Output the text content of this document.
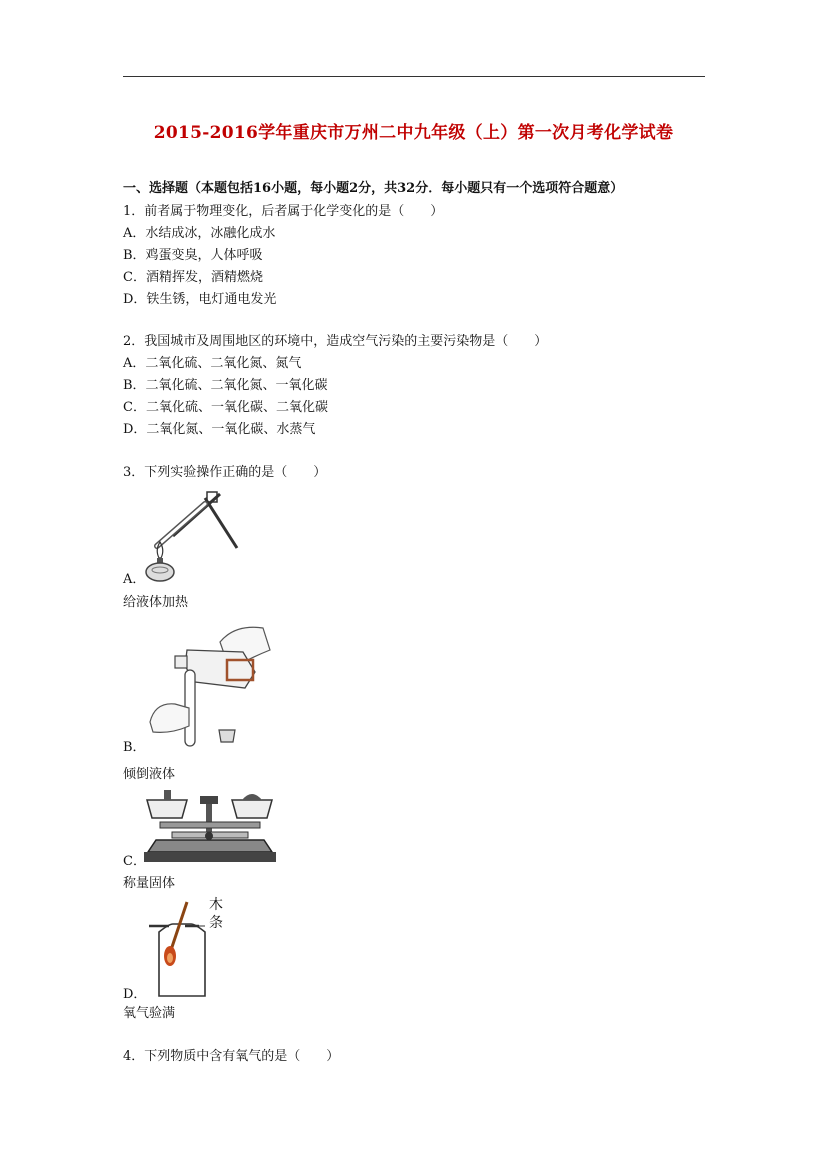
2015-2016学年重庆市万州二中九年级（上）第一次月考化学试卷
一、选择题（本题包括16小题，每小题2分，共32分．每小题只有一个选项符合题意）
1．前者属于物理变化，后者属于化学变化的是（　　）
A．水结成冰，冰融化成水
B．鸡蛋变臭，人体呼吸
C．酒精挥发，酒精燃烧
D．铁生锈，电灯通电发光
2．我国城市及周围地区的环境中，造成空气污染的主要污染物是（　　）
A．二氧化硫、二氧化氮、氮气
B．二氧化硫、二氧化氮、一氧化碳
C．二氧化硫、一氧化碳、二氧化碳
D．二氧化氮、一氧化碳、水蒸气
3．下列实验操作正确的是（　　）
A．
给液体加热
B．
倾倒液体
C．
称量固体
木
条
D．
氧气验满
4．下列物质中含有氧气的是（　　）
